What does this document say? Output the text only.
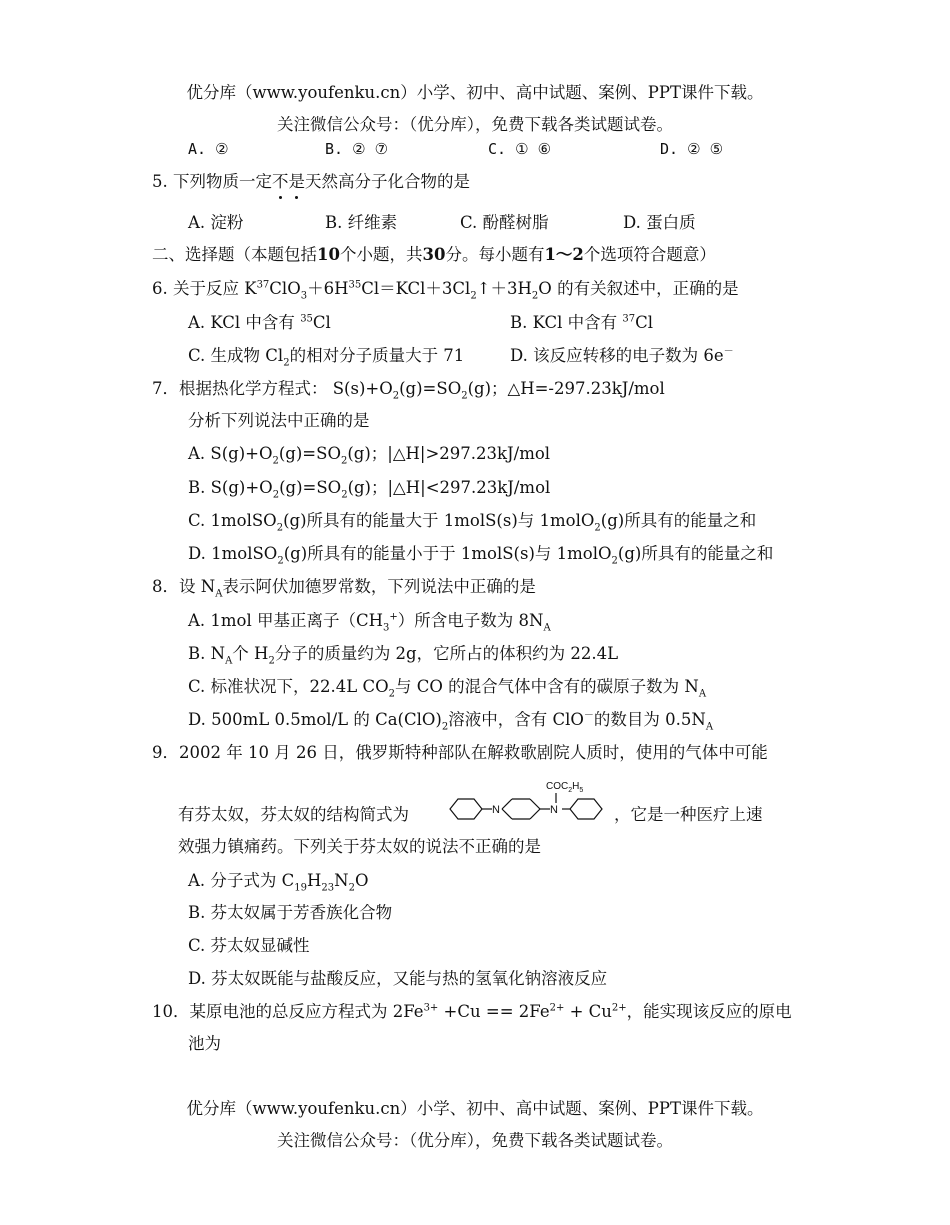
优分库（www.youfenku.cn）小学、初中、高中试题、案例、PPT课件下载。
关注微信公众号：（优分库），免费下载各类试题试卷。
A. ②	B. ② ⑦	C. ① ⑥	D. ② ⑤
5. 下列物质一定不
是
天然高分子化合物的是
A. 淀粉	B. 纤维素	C. 酚醛树脂	D. 蛋白质
二、选择题（本题包括10个小题，共30分。每小题有1～2个选项符合题意）
6. 关于反应 $K^{37}ClO_3+6H^{35}Cl=KCl+3Cl_2↑+3H_2O$ 的有关叙述中，正确的是
A. KCl 中含有 $^{35}$Cl	B. KCl 中含有 $^{37}$Cl
C. 生成物 $Cl_2$的相对分子质量大于 71	D. 该反应转移的电子数为 6e－
7．根据热化学方程式： $S(s)+O_2(g)=SO_2(g)$；△H=-297.23kJ/mol
分析下列说法中正确的是
A. $S(g)+O_2(g)=SO_2(g)$；|△H|>297.23kJ/mol
B. $S(g)+O_2(g)=SO_2(g)$；|△H|<297.23kJ/mol
C. 1molSO$_2$(g)所具有的能量大于 1molS(s)与 1molO$_2$(g)所具有的能量之和
D. 1molSO$_2$(g)所具有的能量小于于 1molS(s)与 1molO$_2$(g)所具有的能量之和
8．设 $N_A$表示阿伏加德罗常数，下列说法中正确的是
A. 1mol 甲基正离子$(CH_3^+)$所含电子数为 $8N_A$
B. $N_A$个 $H_2$分子的质量约为 2g，它所占的体积约为 22.4L
C. 标准状况下，22.4L $CO_2$与 CO 的混合气体中含有的碳原子数为 $N_A$
D. 500mL 0.5mol/L 的 $Ca(ClO)_2$溶液中，含有 ClO－的数目为 $0.5N_A$
9．2002 年 10 月 26 日，俄罗斯特种部队在解救歌剧院人质时，使用的气体中可能
有芬太奴，芬太奴的结构简式为	N	N
$COC_2H_5$
，它是一种医疗上速
效强力镇痛药。下列关于芬太奴的说法不正确的是
A. 分子式为 $C_{19}H_{23}N_2O$
B. 芬太奴属于芳香族化合物
C. 芬太奴显碱性
D. 芬太奴既能与盐酸反应，又能与热的氢氧化钠溶液反应
10．某原电池的总反应方程式为 $2Fe^{3+} +Cu == 2Fe^{2+} + Cu^{2+}$，能实现该反应的原电
池为
优分库（www.youfenku.cn）小学、初中、高中试题、案例、PPT课件下载。
关注微信公众号：（优分库），免费下载各类试题试卷。
